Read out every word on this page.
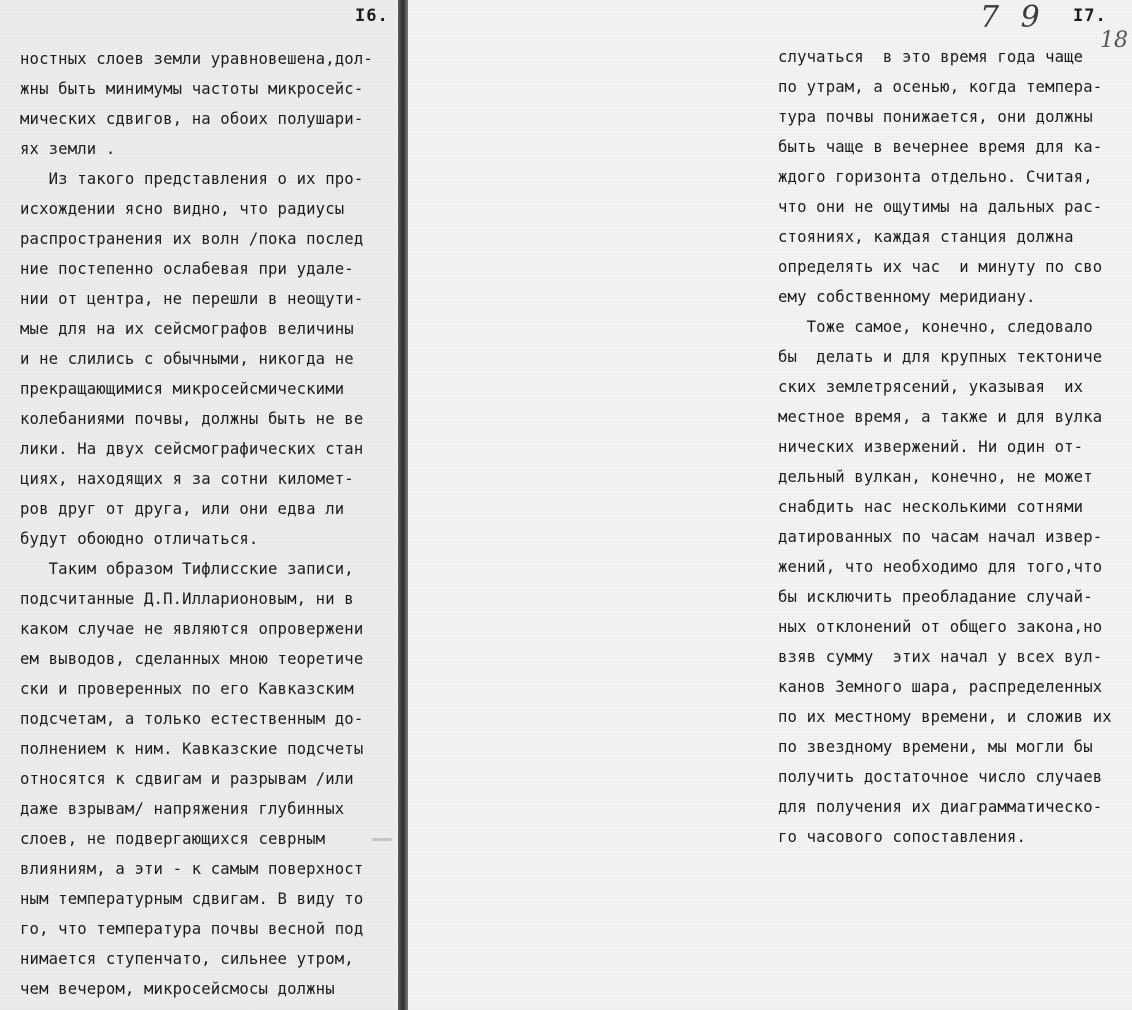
I6.
ностных слоев земли уравновешена,дол-
жны быть минимумы частоты микросейс-
мических сдвигов, на обоих полушари-
ях земли .
Из такого представления о их про-
исхождении ясно видно, что радиусы
распространения их волн /пока послед
ние постепенно ослабевая при удале-
нии от центра, не перешли в неощути-
мые для на их сейсмографов величины
и не слились с обычными, никогда не
прекращающимися микросейсмическими
колебаниями почвы, должны быть не ве
лики. На двух сейсмографических стан
циях, находящих я за сотни километ-
ров друг от друга, или они едва ли
будут обоюдно отличаться.
Таким образом Тифлисские записи,
подсчитанные Д.П.Илларионовым, ни в
каком случае не являются опровержени
ем выводов, сделанных мною теоретиче
ски и проверенных по его Кавказским
подсчетам, а только естественным до-
полнением к ним. Кавказские подсчеты
относятся к сдвигам и разрывам /или
даже взрывам/ напряжения глубинных
слоев, не подвергающихся севрным
влияниям, а эти - к самым поверхност
ным температурным сдвигам. В виду то
го, что температура почвы весной под
нимается ступенчато, сильнее утром,
чем вечером, микросейсмосы должны
7 9
18
I7.
случаться  в это время года чаще
по утрам, а осенью, когда темпера-
тура почвы понижается, они должны
быть чаще в вечернее время для ка-
ждого горизонта отдельно. Считая,
что они не ощутимы на дальных рас-
стояниях, каждая станция должна
определять их час  и минуту по сво
ему собственному меридиану.
Тоже самое, конечно, следовало
бы  делать и для крупных тектониче
ских землетрясений, указывая  их
местное время, а также и для вулка
нических извержений. Ни один от-
дельный вулкан, конечно, не может
снабдить нас несколькими сотнями
датированных по часам начал извер-
жений, что необходимо для того,что
бы исключить преобладание случай-
ных отклонений от общего закона,но
взяв сумму  этих начал у всех вул-
канов Земного шара, распределенных
по их местному времени, и сложив их
по звездному времени, мы могли бы
получить достаточное число случаев
для получения их диаграмматическо-
го часового сопоставления.
